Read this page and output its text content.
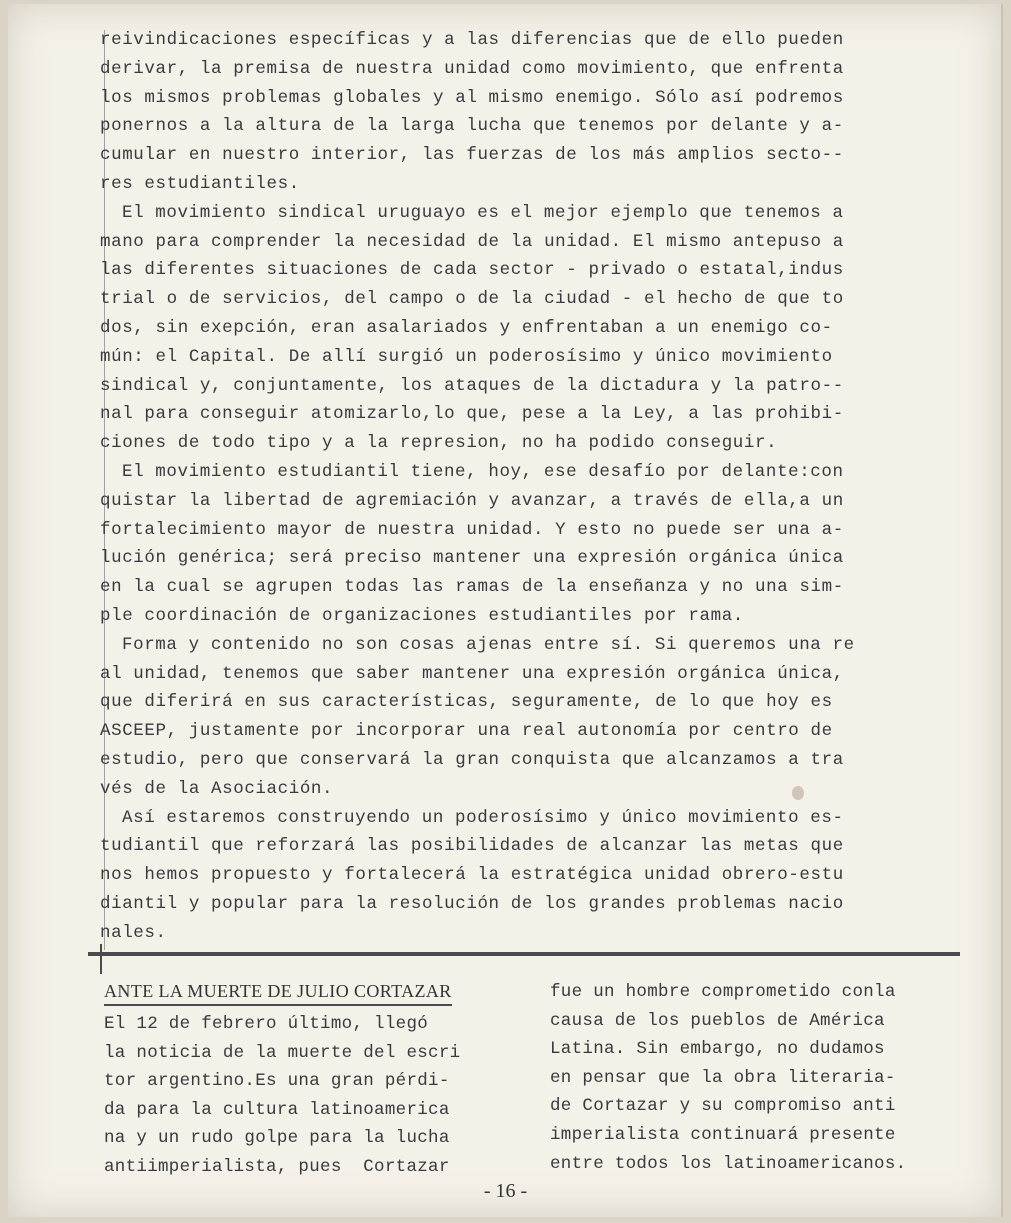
reivindicaciones específicas y a las diferencias que de ello pueden

derivar, la premisa de nuestra unidad como movimiento, que enfrenta

los mismos problemas globales y al mismo enemigo. Sólo así podremos

ponernos a la altura de la larga lucha que tenemos por delante y a-

cumular en nuestro interior, las fuerzas de los más amplios secto--

res estudiantiles.

El movimiento sindical uruguayo es el mejor ejemplo que tenemos a

mano para comprender la necesidad de la unidad. El mismo antepuso a

las diferentes situaciones de cada sector - privado o estatal,indus

trial o de servicios, del campo o de la ciudad - el hecho de que to

dos, sin exepción, eran asalariados y enfrentaban a un enemigo co-

mún: el Capital. De allí surgió un poderosísimo y único movimiento

sindical y, conjuntamente, los ataques de la dictadura y la patro--

nal para conseguir atomizarlo,lo que, pese a la Ley, a las prohibi-

ciones de todo tipo y a la represion, no ha podido conseguir.

El movimiento estudiantil tiene, hoy, ese desafío por delante:con

quistar la libertad de agremiación y avanzar, a través de ella,a un

fortalecimiento mayor de nuestra unidad. Y esto no puede ser una a-

lución genérica; será preciso mantener una expresión orgánica única

en la cual se agrupen todas las ramas de la enseñanza y no una sim-

ple coordinación de organizaciones estudiantiles por rama.

Forma y contenido no son cosas ajenas entre sí. Si queremos una re

al unidad, tenemos que saber mantener una expresión orgánica única,

que diferirá en sus características, seguramente, de lo que hoy es

ASCEEP, justamente por incorporar una real autonomía por centro de

estudio, pero que conservará la gran conquista que alcanzamos a tra

vés de la Asociación.

Así estaremos construyendo un poderosísimo y único movimiento es-

tudiantil que reforzará las posibilidades de alcanzar las metas que

nos hemos propuesto y fortalecerá la estratégica unidad obrero-estu

diantil y popular para la resolución de los grandes problemas nacio

nales.

ANTE LA MUERTE DE JULIO CORTAZAR

El 12 de febrero último, llegó

la noticia de la muerte del escri

tor argentino.Es una gran pérdi-

da para la cultura latinoamerica

na y un rudo golpe para la lucha

antiimperialista, pues  Cortazar

fue un hombre comprometido conla

causa de los pueblos de América

Latina. Sin embargo, no dudamos

en pensar que la obra literaria-

de Cortazar y su compromiso anti

imperialista continuará presente

entre todos los latinoamericanos.

- 16 -
